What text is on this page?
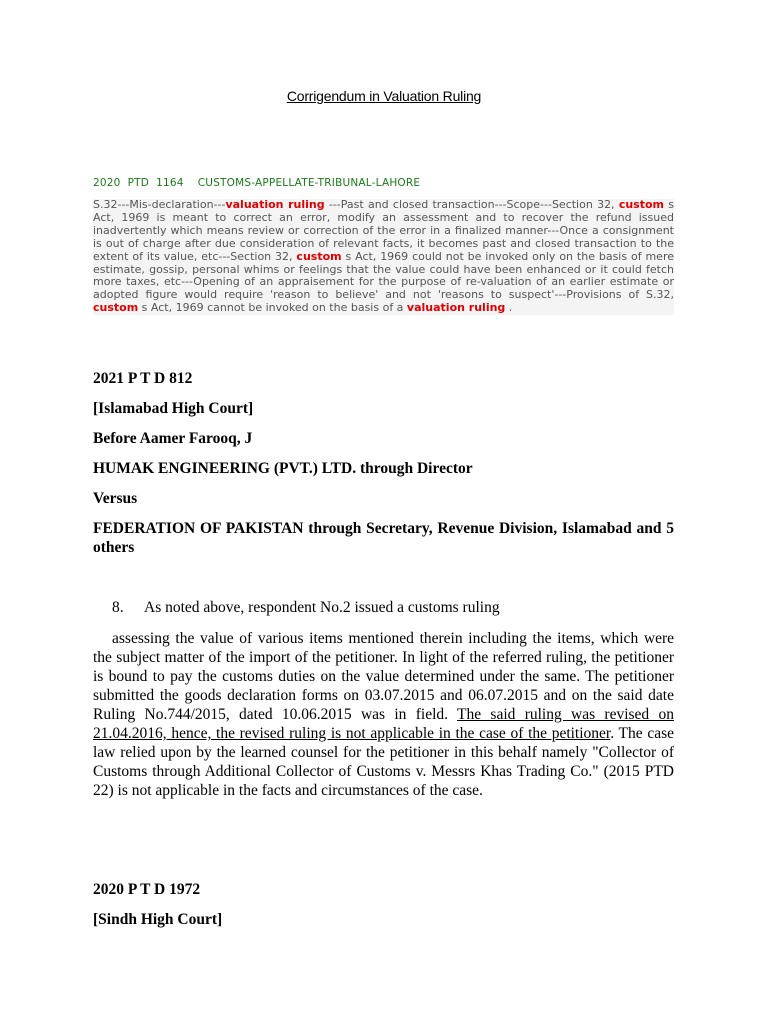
Corrigendum in Valuation Ruling
2020  PTD  1164    CUSTOMS-APPELLATE-TRIBUNAL-LAHORE
S.32---Mis-declaration---valuation ruling ---Past and closed transaction---Scope---Section 32, custom s Act, 1969 is meant to correct an error, modify an assessment and to recover the refund issued inadvertently which means review or correction of the error in a finalized manner---Once a consignment is out of charge after due consideration of relevant facts, it becomes past and closed transaction to the extent of its value, etc---Section 32, custom s Act, 1969 could not be invoked only on the basis of mere estimate, gossip, personal whims or feelings that the value could have been enhanced or it could fetch more taxes, etc---Opening of an appraisement for the purpose of re-valuation of an earlier estimate or adopted figure would require 'reason to believe' and not 'reasons to suspect'---Provisions of S.32, custom s Act, 1969 cannot be invoked on the basis of a valuation ruling .
2021 P T D 812
[Islamabad High Court]
Before Aamer Farooq, J
HUMAK ENGINEERING (PVT.) LTD. through Director
Versus
FEDERATION OF PAKISTAN through Secretary, Revenue Division, Islamabad and 5 others
8. As noted above, respondent No.2 issued a customs ruling
assessing the value of various items mentioned therein including the items, which were the subject matter of the import of the petitioner. In light of the referred ruling, the petitioner is bound to pay the customs duties on the value determined under the same. The petitioner submitted the goods declaration forms on 03.07.2015 and 06.07.2015 and on the said date Ruling No.744/2015, dated 10.06.2015 was in field. The said ruling was revised on 21.04.2016, hence, the revised ruling is not applicable in the case of the petitioner. The case law relied upon by the learned counsel for the petitioner in this behalf namely "Collector of Customs through Additional Collector of Customs v. Messrs Khas Trading Co." (2015 PTD 22) is not applicable in the facts and circumstances of the case.
2020 P T D 1972
[Sindh High Court]
